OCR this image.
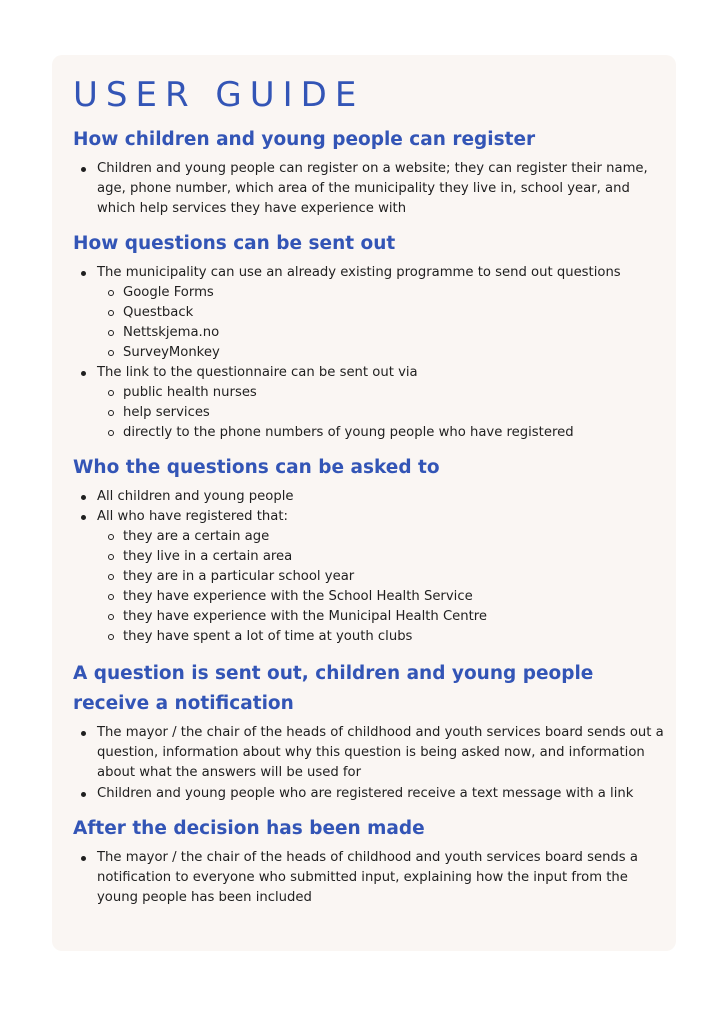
USER GUIDE
How children and young people can register
Children and young people can register on a website; they can register their name, age, phone number, which area of the municipality they live in, school year, and which help services they have experience with
How questions can be sent out
The municipality can use an already existing programme to send out questions
Google Forms
Questback
Nettskjema.no
SurveyMonkey
The link to the questionnaire can be sent out via
public health nurses
help services
directly to the phone numbers of young people who have registered
Who the questions can be asked to
All children and young people
All who have registered that:
they are a certain age
they live in a certain area
they are in a particular school year
they have experience with the School Health Service
they have experience with the Municipal Health Centre
they have spent a lot of time at youth clubs
A question is sent out, children and young people receive a notification
The mayor / the chair of the heads of childhood and youth services board sends out a question, information about why this question is being asked now, and information about what the answers will be used for
Children and young people who are registered receive a text message with a link
After the decision has been made
The mayor / the chair of the heads of childhood and youth services board sends a notification to everyone who submitted input, explaining how the input from the young people has been included
